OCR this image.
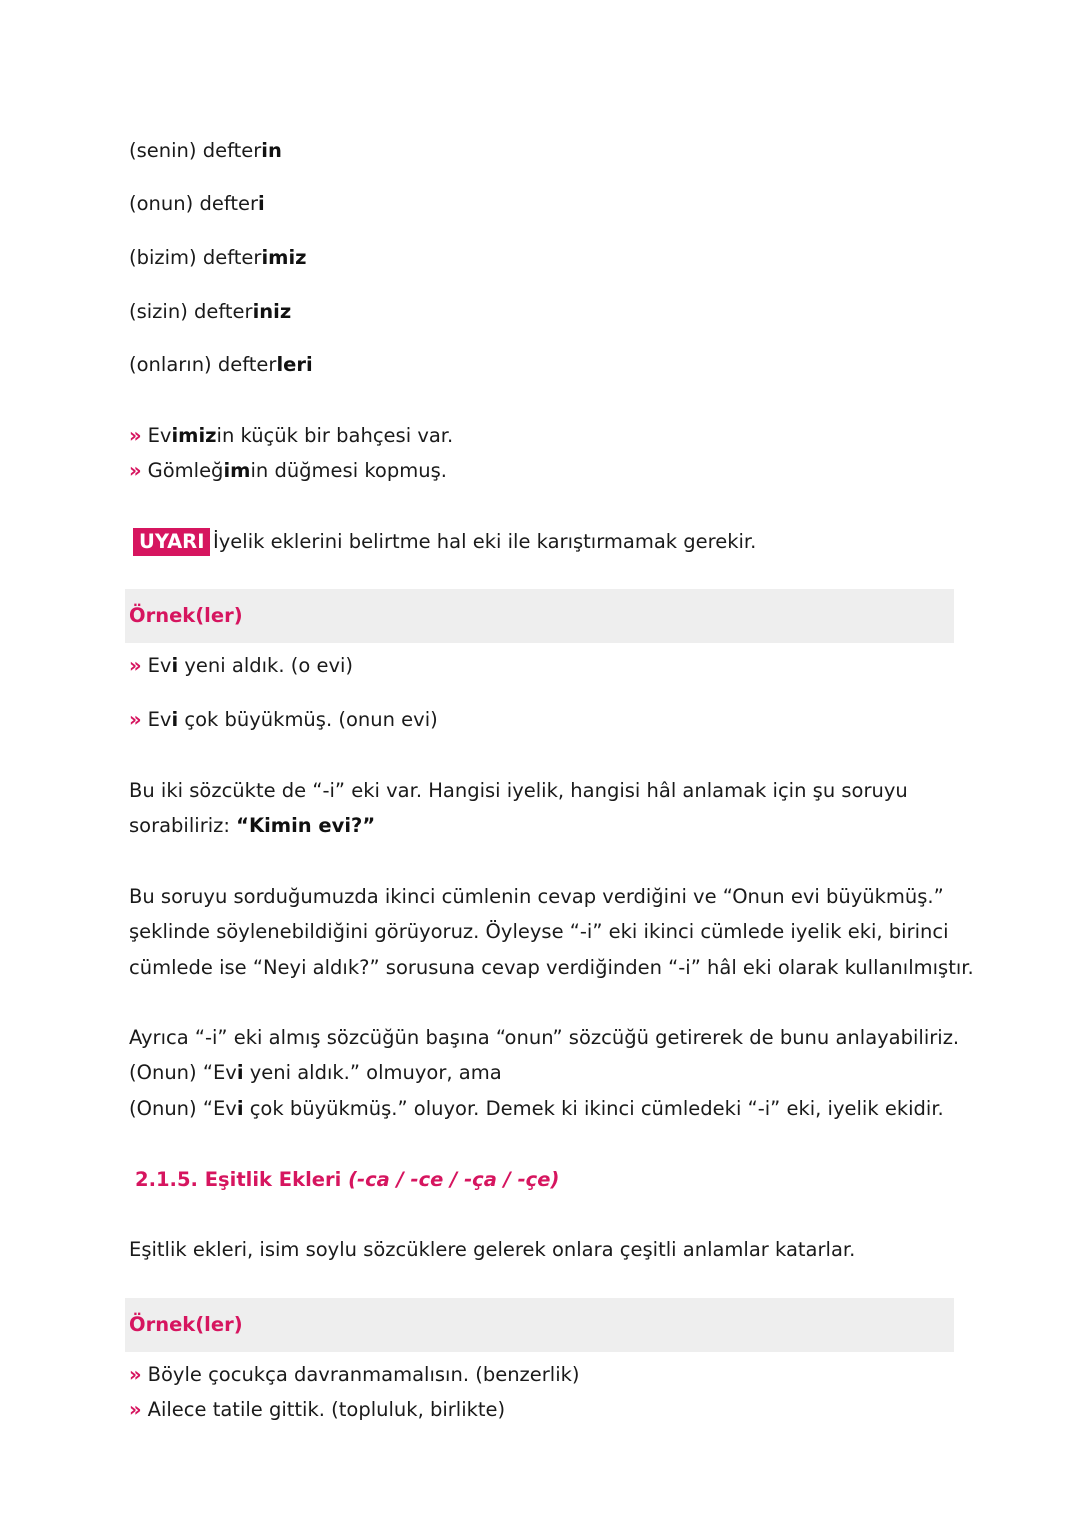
(senin) defterin
(onun) defteri
(bizim) defterimiz
(sizin) defteriniz
(onların) defterleri
» Evimizin küçük bir bahçesi var.
» Gömleğimin düğmesi kopmuş.
UYARI İyelik eklerini belirtme hal eki ile karıştırmamak gerekir.
Örnek(ler)
» Evi yeni aldık. (o evi)
» Evi çok büyükmüş. (onun evi)
Bu iki sözcükte de “-i” eki var. Hangisi iyelik, hangisi hâl anlamak için şu soruyu
sorabiliriz: “Kimin evi?”
Bu soruyu sorduğumuzda ikinci cümlenin cevap verdiğini ve “Onun evi büyükmüş.”
şeklinde söylenebildiğini görüyoruz. Öyleyse “-i” eki ikinci cümlede iyelik eki, birinci
cümlede ise “Neyi aldık?” sorusuna cevap verdiğinden “-i” hâl eki olarak kullanılmıştır.
Ayrıca “-i” eki almış sözcüğün başına “onun” sözcüğü getirerek de bunu anlayabiliriz.
(Onun) “Evi yeni aldık.” olmuyor, ama
(Onun) “Evi çok büyükmüş.” oluyor. Demek ki ikinci cümledeki “-i” eki, iyelik ekidir.
2.1.5. Eşitlik Ekleri (-ca / -ce / -ça / -çe)
Eşitlik ekleri, isim soylu sözcüklere gelerek onlara çeşitli anlamlar katarlar.
Örnek(ler)
» Böyle çocukça davranmamalısın. (benzerlik)
» Ailece tatile gittik. (topluluk, birlikte)
